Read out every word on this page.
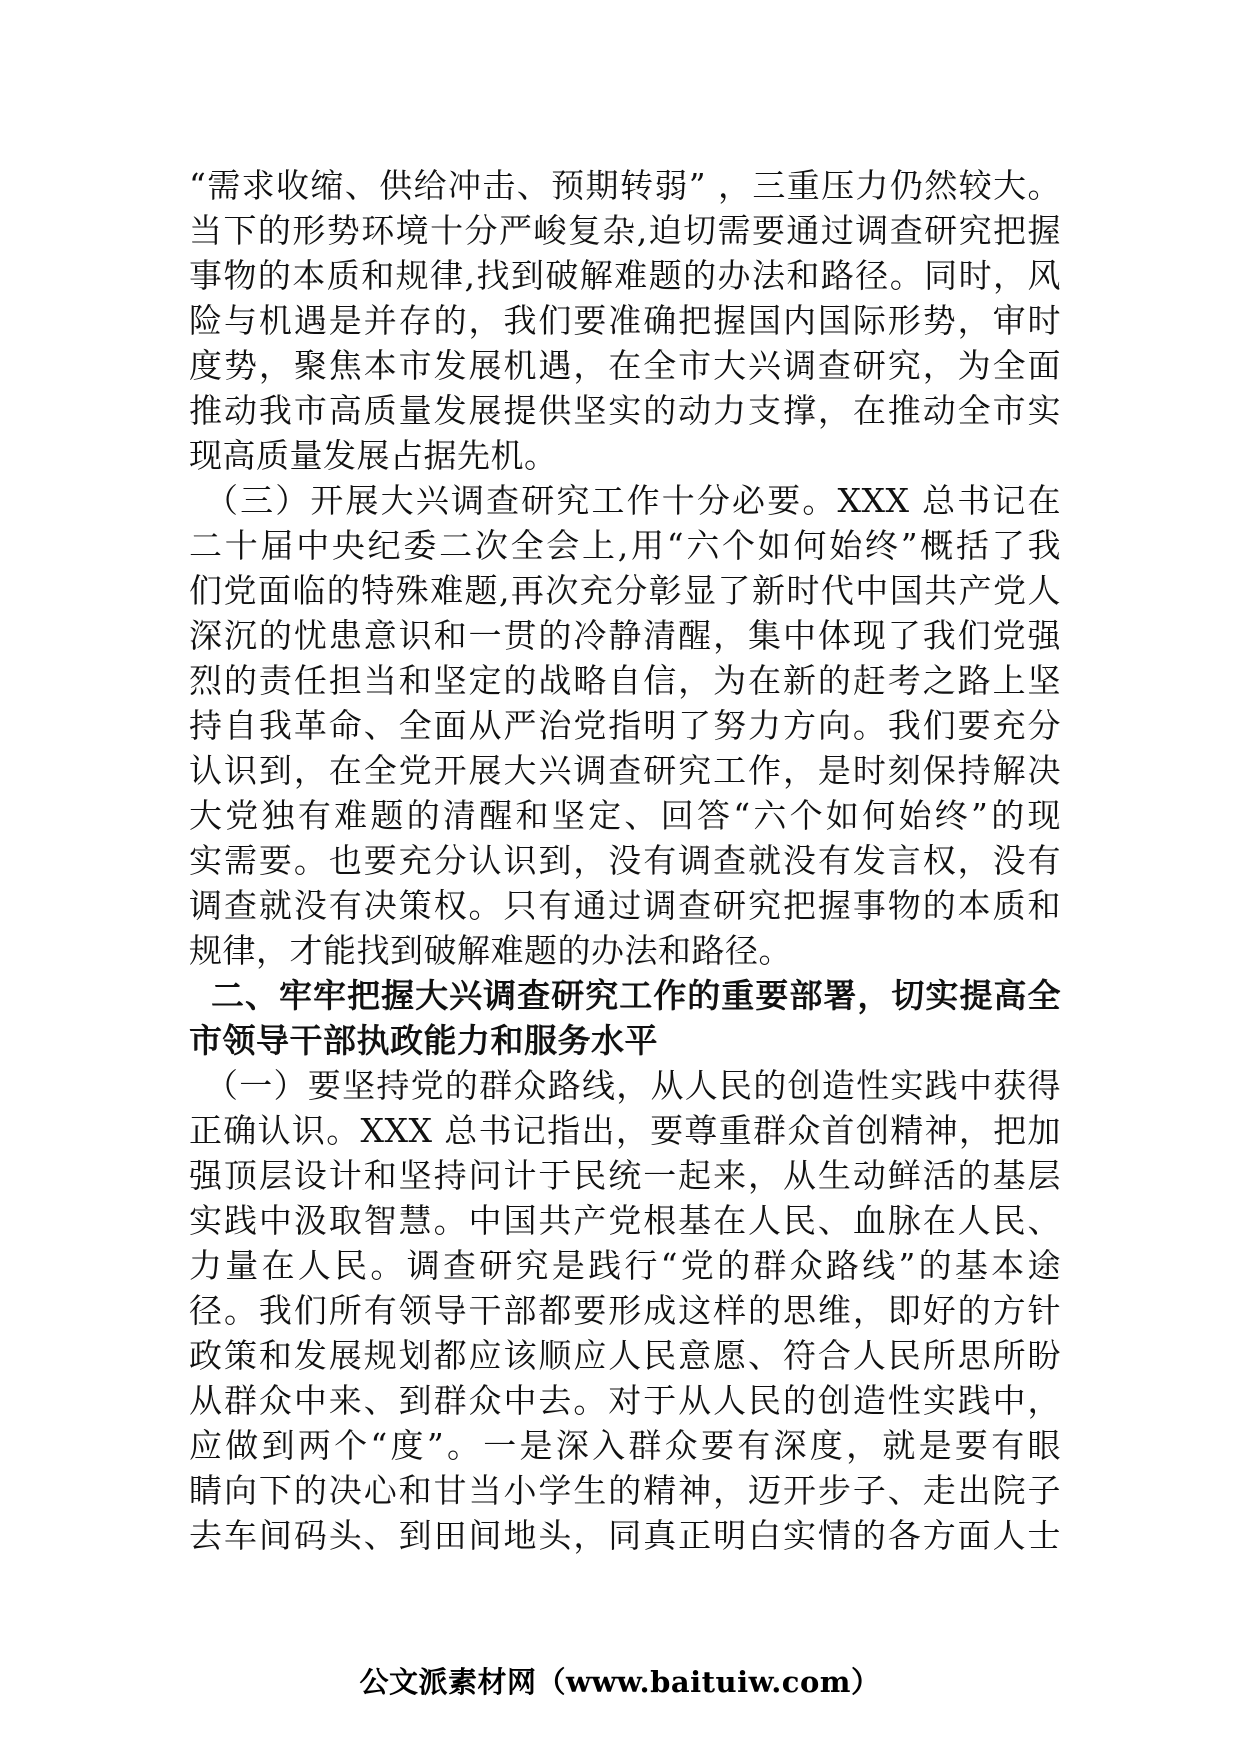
“需求收缩、供给冲击、预期转弱” ，三重压力仍然较大。
当下的形势环境十分严峻复杂,迫切需要通过调查研究把握
事物的本质和规律,找到破解难题的办法和路径。同时，风
险与机遇是并存的，我们要准确把握国内国际形势，审时
度势，聚焦本市发展机遇，在全市大兴调查研究，为全面
推动我市高质量发展提供坚实的动力支撑，在推动全市实
现高质量发展占据先机。
（三）开展大兴调查研究工作十分必要。XXX 总书记在
二十届中央纪委二次全会上,用“六个如何始终”概括了我
们党面临的特殊难题,再次充分彰显了新时代中国共产党人
深沉的忧患意识和一贯的冷静清醒，集中体现了我们党强
烈的责任担当和坚定的战略自信，为在新的赶考之路上坚
持自我革命、全面从严治党指明了努力方向。我们要充分
认识到，在全党开展大兴调查研究工作，是时刻保持解决
大党独有难题的清醒和坚定、回答“六个如何始终”的现
实需要。也要充分认识到，没有调查就没有发言权，没有
调查就没有决策权。只有通过调查研究把握事物的本质和
规律，才能找到破解难题的办法和路径。
二、牢牢把握大兴调查研究工作的重要部署，切实提高全
市领导干部执政能力和服务水平
（一）要坚持党的群众路线，从人民的创造性实践中获得
正确认识。XXX 总书记指出，要尊重群众首创精神，把加
强顶层设计和坚持问计于民统一起来，从生动鲜活的基层
实践中汲取智慧。中国共产党根基在人民、血脉在人民、
力量在人民。调查研究是践行“党的群众路线”的基本途
径。我们所有领导干部都要形成这样的思维，即好的方针
政策和发展规划都应该顺应人民意愿、符合人民所思所盼
从群众中来、到群众中去。对于从人民的创造性实践中，
应做到两个“度”。一是深入群众要有深度，就是要有眼
睛向下的决心和甘当小学生的精神，迈开步子、走出院子
去车间码头、到田间地头，同真正明白实情的各方面人士
公文派素材网（www.baituiw.com）
